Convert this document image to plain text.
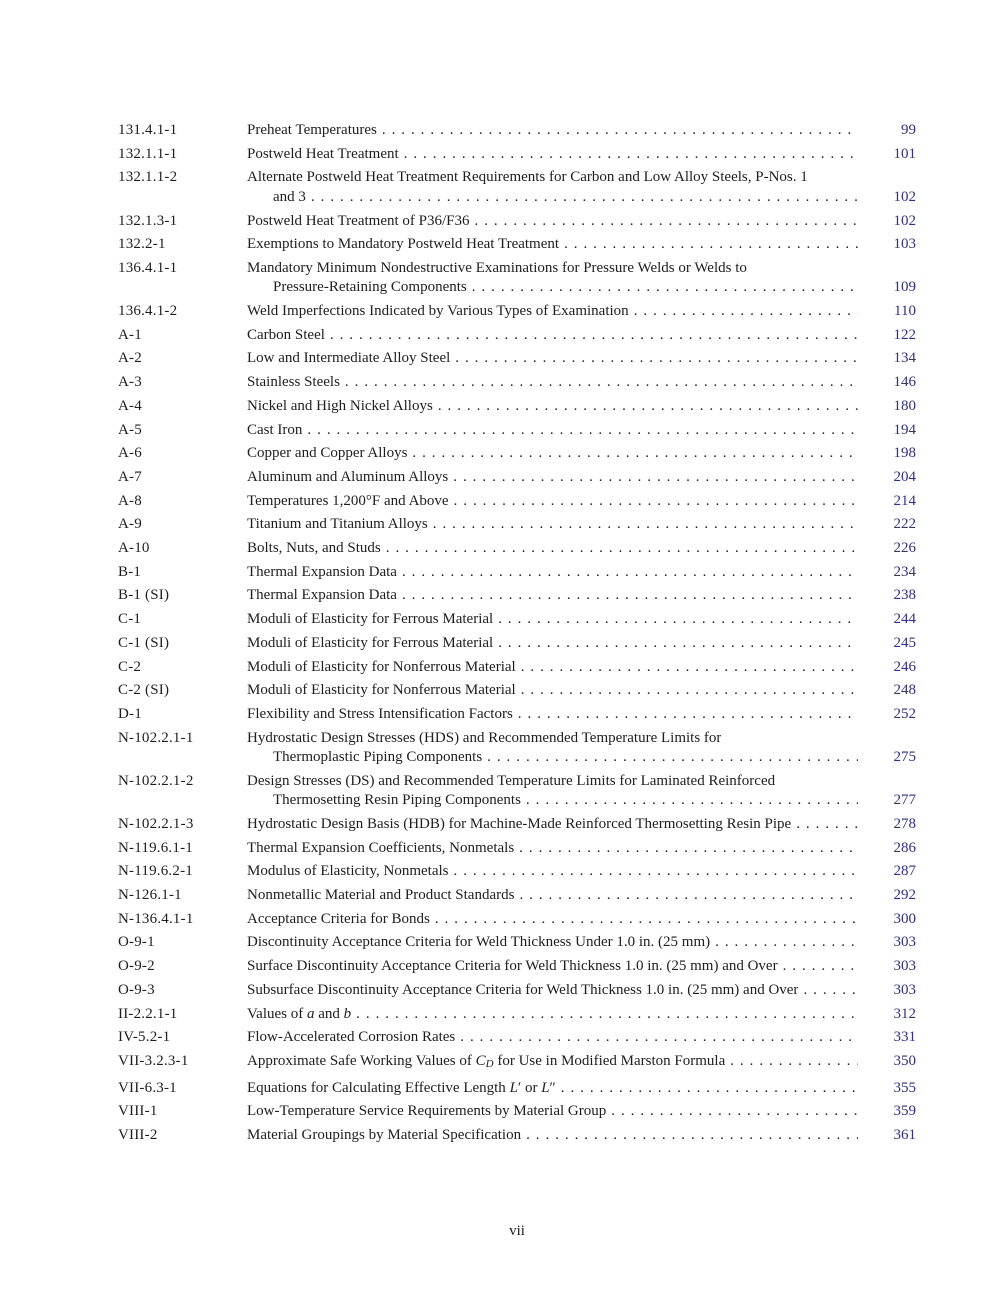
131.4.1-1	Preheat Temperatures . . .	99
132.1.1-1	Postweld Heat Treatment . . .	101
132.1.1-2	Alternate Postweld Heat Treatment Requirements for Carbon and Low Alloy Steels, P-Nos. 1
and 3 . . .	102
132.1.3-1	Postweld Heat Treatment of P36/F36 . . .	102
132.2-1	Exemptions to Mandatory Postweld Heat Treatment . . .	103
136.4.1-1	Mandatory Minimum Nondestructive Examinations for Pressure Welds or Welds to
Pressure-Retaining Components . . .	109
136.4.1-2	Weld Imperfections Indicated by Various Types of Examination . . .	110
A-1	Carbon Steel . . .	122
A-2	Low and Intermediate Alloy Steel . . .	134
A-3	Stainless Steels . . .	146
A-4	Nickel and High Nickel Alloys . . .	180
A-5	Cast Iron . . .	194
A-6	Copper and Copper Alloys . . .	198
A-7	Aluminum and Aluminum Alloys . . .	204
A-8	Temperatures 1,200°F and Above . . .	214
A-9	Titanium and Titanium Alloys . . .	222
A-10	Bolts, Nuts, and Studs . . .	226
B-1	Thermal Expansion Data . . .	234
B-1 (SI)	Thermal Expansion Data . . .	238
C-1	Moduli of Elasticity for Ferrous Material . . .	244
C-1 (SI)	Moduli of Elasticity for Ferrous Material . . .	245
C-2	Moduli of Elasticity for Nonferrous Material . . .	246
C-2 (SI)	Moduli of Elasticity for Nonferrous Material . . .	248
D-1	Flexibility and Stress Intensification Factors . . .	252
N-102.2.1-1	Hydrostatic Design Stresses (HDS) and Recommended Temperature Limits for
Thermoplastic Piping Components . . .	275
N-102.2.1-2	Design Stresses (DS) and Recommended Temperature Limits for Laminated Reinforced
Thermosetting Resin Piping Components . . .	277
N-102.2.1-3	Hydrostatic Design Basis (HDB) for Machine-Made Reinforced Thermosetting Resin Pipe . . .	278
N-119.6.1-1	Thermal Expansion Coefficients, Nonmetals . . .	286
N-119.6.2-1	Modulus of Elasticity, Nonmetals . . .	287
N-126.1-1	Nonmetallic Material and Product Standards . . .	292
N-136.4.1-1	Acceptance Criteria for Bonds . . .	300
O-9-1	Discontinuity Acceptance Criteria for Weld Thickness Under 1.0 in. (25 mm) . . .	303
O-9-2	Surface Discontinuity Acceptance Criteria for Weld Thickness 1.0 in. (25 mm) and Over . . .	303
O-9-3	Subsurface Discontinuity Acceptance Criteria for Weld Thickness 1.0 in. (25 mm) and Over . . .	303
II-2.2.1-1	Values of a and b . . .	312
IV-5.2-1	Flow-Accelerated Corrosion Rates . . .	331
VII-3.2.3-1	Approximate Safe Working Values of $C_D$ for Use in Modified Marston Formula . . .	350
VII-6.3-1	Equations for Calculating Effective Length L′ or L″ . . .	355
VIII-1	Low-Temperature Service Requirements by Material Group . . .	359
VIII-2	Material Groupings by Material Specification . . .	361
vii
